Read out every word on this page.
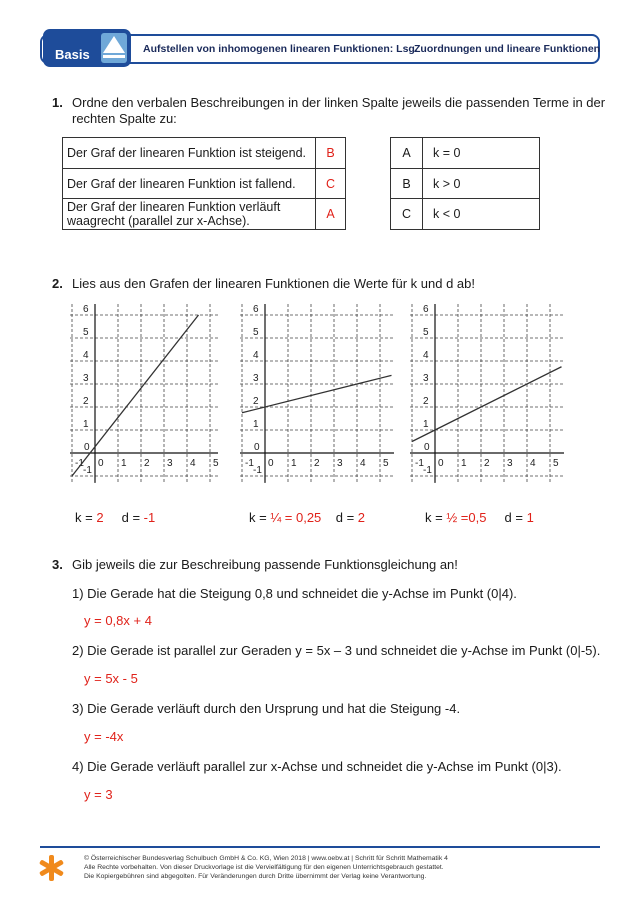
Basis	Aufstellen von inhomogenen linearen Funktionen: Lsg.
Zuordnungen und lineare Funktionen
1. Ordne den verbalen Beschreibungen in der linken Spalte jeweils die passenden Terme in der
rechten Spalte zu:
Der Graf der linearen Funktion ist steigend.	B
Der Graf der linearen Funktion ist fallend.	C
Der Graf der linearen Funktion verläuft
waagrecht (parallel zur x-Achse).	A
A	k = 0
B	k > 0
C	k < 0
2. Lies aus den Grafen der linearen Funktionen die Werte für k und d ab!
-1 0 1 2 3 4 5
-1
0
1
2
3
4
5
6
-1 0 1 2 3 4 5
-1
0
1
2
3
4
5
6
-1 0 1 2 3 4 5
-1
0
1
2
3
4
5
6
k = 2 d = -1	k = ¼ = 0,25 d = 2	k = ½ =0,5 d = 1
3. Gib jeweils die zur Beschreibung passende Funktionsgleichung an!
1) Die Gerade hat die Steigung 0,8 und schneidet die y-Achse im Punkt (0|4).
y = 0,8x + 4
2) Die Gerade ist parallel zur Geraden y = 5x – 3 und schneidet die y-Achse im Punkt (0|-5).
y = 5x - 5
3) Die Gerade verläuft durch den Ursprung und hat die Steigung -4.
y = -4x
4) Die Gerade verläuft parallel zur x-Achse und schneidet die y-Achse im Punkt (0|3).
y = 3
© Österreichischer Bundesverlag Schulbuch GmbH & Co. KG, Wien 2018 | www.oebv.at | Schritt für Schritt Mathematik 4
Alle Rechte vorbehalten. Von dieser Druckvorlage ist die Vervielfältigung für den eigenen Unterrichtsgebrauch gestattet.
Die Kopiergebühren sind abgegolten. Für Veränderungen durch Dritte übernimmt der Verlag keine Verantwortung.
